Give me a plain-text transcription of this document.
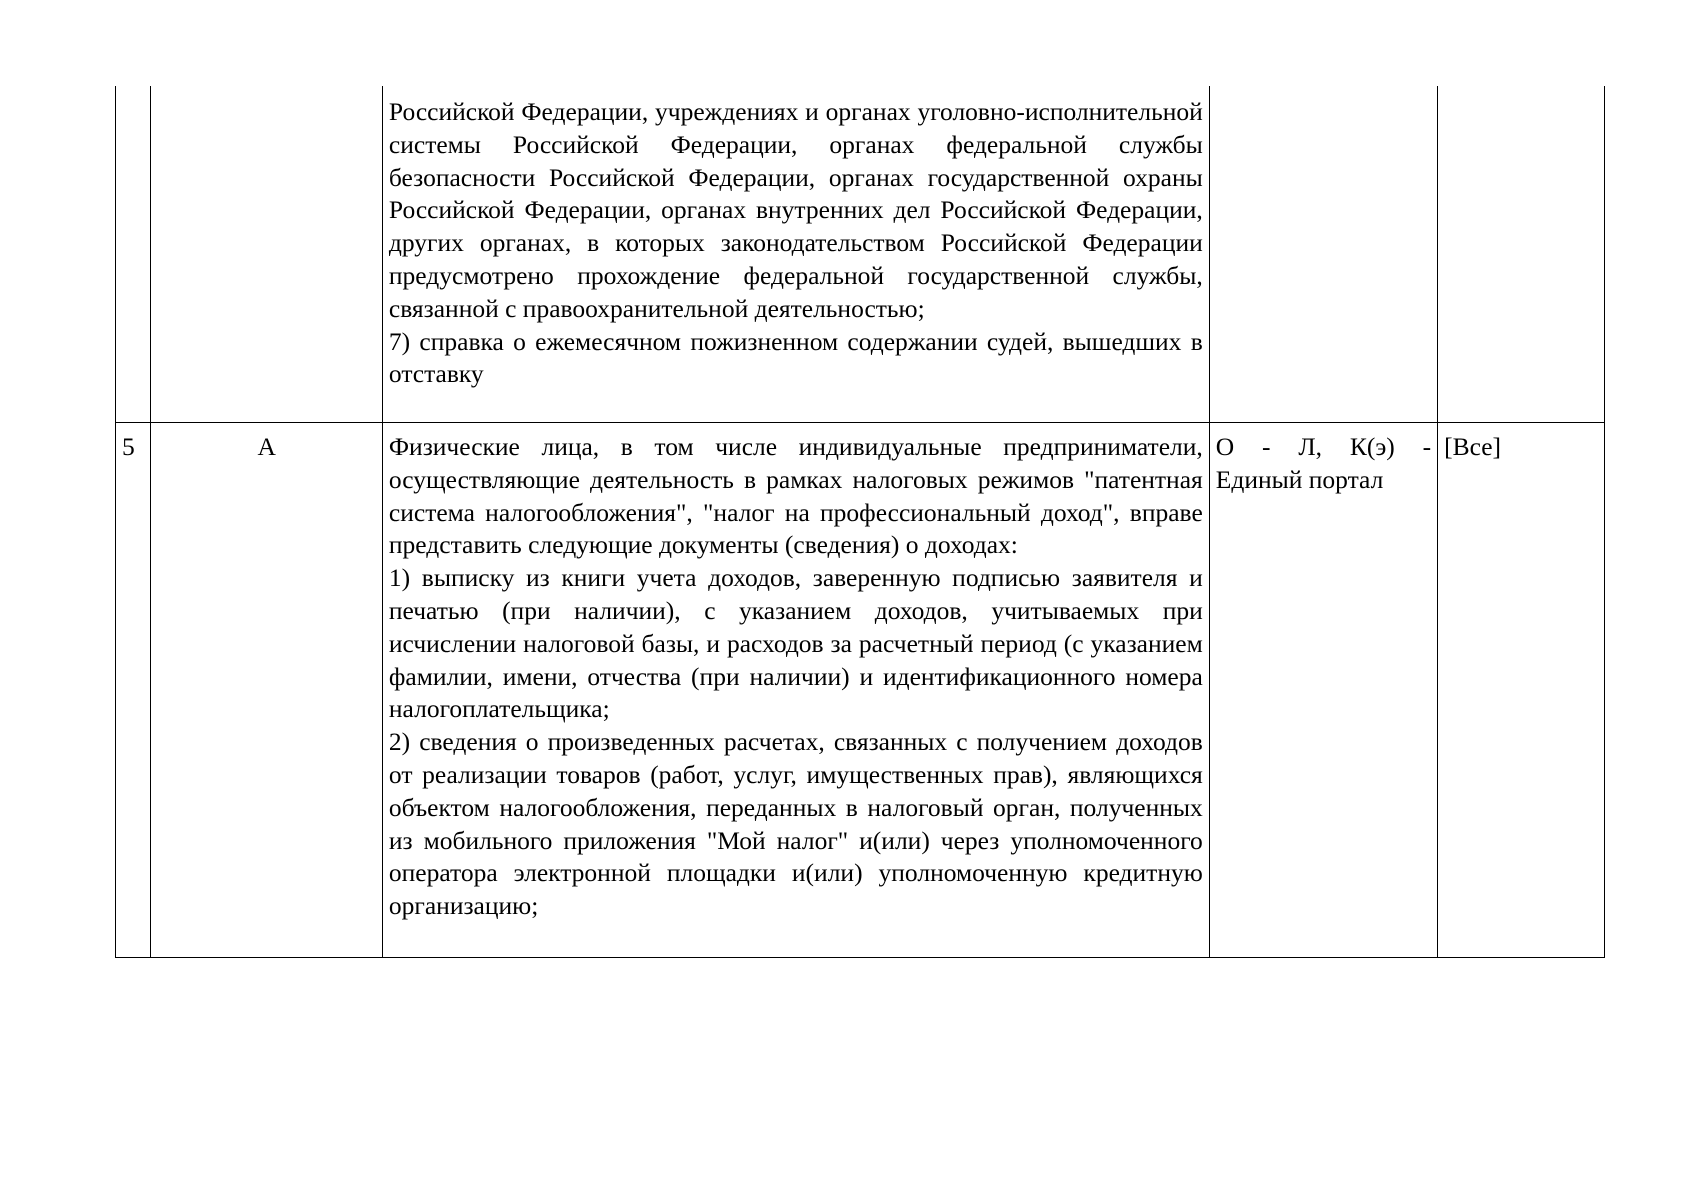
		Российской Федерации, учреждениях и органах уголовно-исполнительной системы Российской Федерации, органах федеральной службы безопасности Российской Федерации, органах государственной охраны Российской Федерации, органах внутренних дел Российской Федерации, других органах, в которых законодательством Российской Федерации предусмотрено прохождение федеральной государственной службы, связанной с правоохранительной деятельностью;

7) справка о ежемесячном пожизненном содержании судей, вышедших в отставку		

5	А	Физические лица, в том числе индивидуальные предприниматели, осуществляющие деятельность в рамках налоговых режимов "патентная система налогообложения", "налог на профессиональный доход", вправе представить следующие документы (сведения) о доходах:

1) выписку из книги учета доходов, заверенную подписью заявителя и печатью (при наличии), с указанием доходов, учитываемых при исчислении налоговой базы, и расходов за расчетный период (с указанием фамилии, имени, отчества (при наличии) и идентификационного номера налогоплательщика;

2) сведения о произведенных расчетах, связанных с получением доходов от реализации товаров (работ, услуг, имущественных прав), являющихся объектом налогообложения, переданных в налоговый орган, полученных из мобильного приложения "Мой налог" и(или) через уполномоченного оператора электронной площадки и(или) уполномоченную кредитную организацию;	О - Л, К(э) - Единый портал	[Все]
